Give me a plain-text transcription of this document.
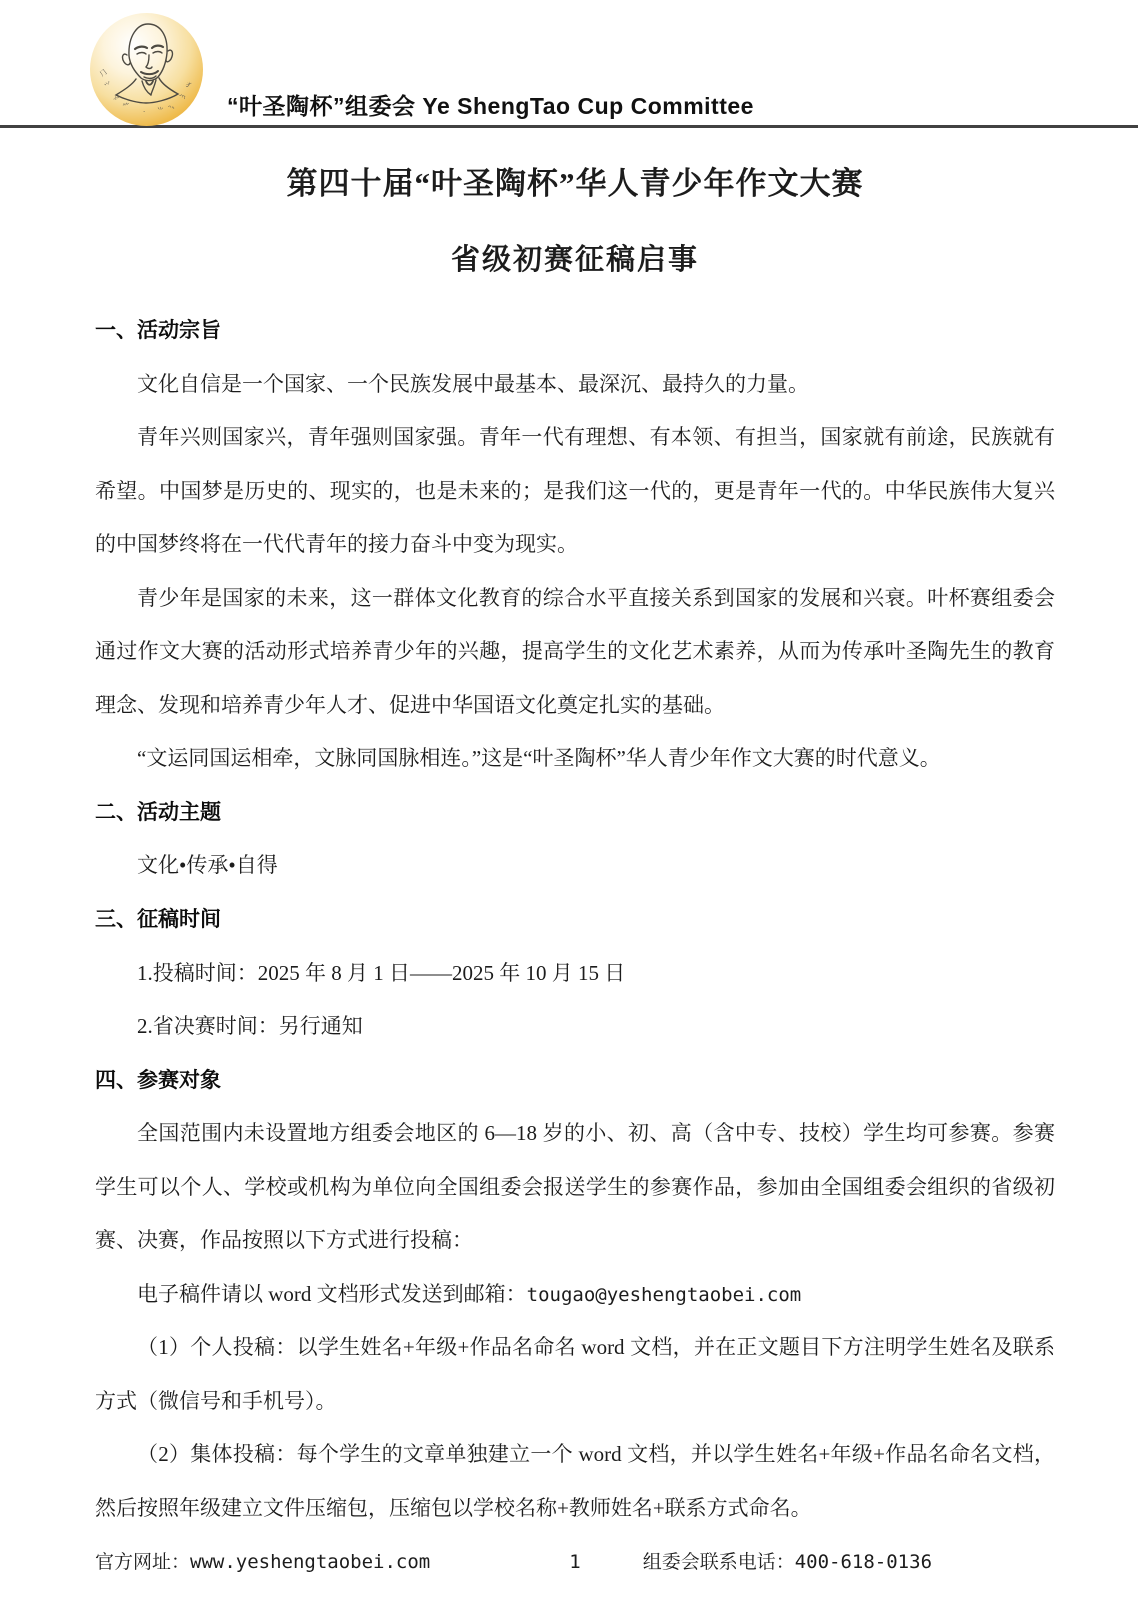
⺆
⺍
⺗
⺮
· ⺌
⺣
⺤
⺨
“叶圣陶杯”组委会 Ye ShengTao Cup Committee
第四十届“叶圣陶杯”华人青少年作文大赛
省级初赛征稿启事
一、活动宗旨

文化自信是一个国家、一个民族发展中最基本、最深沉、最持久的力量。

青年兴则国家兴，青年强则国家强。青年一代有理想、有本领、有担当，国家就有前途，民族就有希望。中国梦是历史的、现实的，也是未来的；是我们这一代的，更是青年一代的。中华民族伟大复兴的中国梦终将在一代代青年的接力奋斗中变为现实。

青少年是国家的未来，这一群体文化教育的综合水平直接关系到国家的发展和兴衰。叶杯赛组委会通过作文大赛的活动形式培养青少年的兴趣，提高学生的文化艺术素养，从而为传承叶圣陶先生的教育理念、发现和培养青少年人才、促进中华国语文化奠定扎实的基础。

“文运同国运相牵，文脉同国脉相连。”这是“叶圣陶杯”华人青少年作文大赛的时代意义。

二、活动主题

文化•传承•自得

三、征稿时间

1.投稿时间：2025 年 8 月 1 日——2025 年 10 月 15 日

2.省决赛时间：另行通知

四、参赛对象

全国范围内未设置地方组委会地区的 6—18 岁的小、初、高（含中专、技校）学生均可参赛。参赛学生可以个人、学校或机构为单位向全国组委会报送学生的参赛作品，参加由全国组委会组织的省级初赛、决赛，作品按照以下方式进行投稿：

电子稿件请以 word 文档形式发送到邮箱：tougao@yeshengtaobei.com

（1）个人投稿：以学生姓名+年级+作品名命名 word 文档，并在正文题目下方注明学生姓名及联系方式（微信号和手机号）。

（2）集体投稿：每个学生的文章单独建立一个 word 文档，并以学生姓名+年级+作品名命名文档，然后按照年级建立文件压缩包，压缩包以学校名称+教师姓名+联系方式命名。

官方网址：www.yeshengtaobei.com	1	组委会联系电话：400-618-0136
